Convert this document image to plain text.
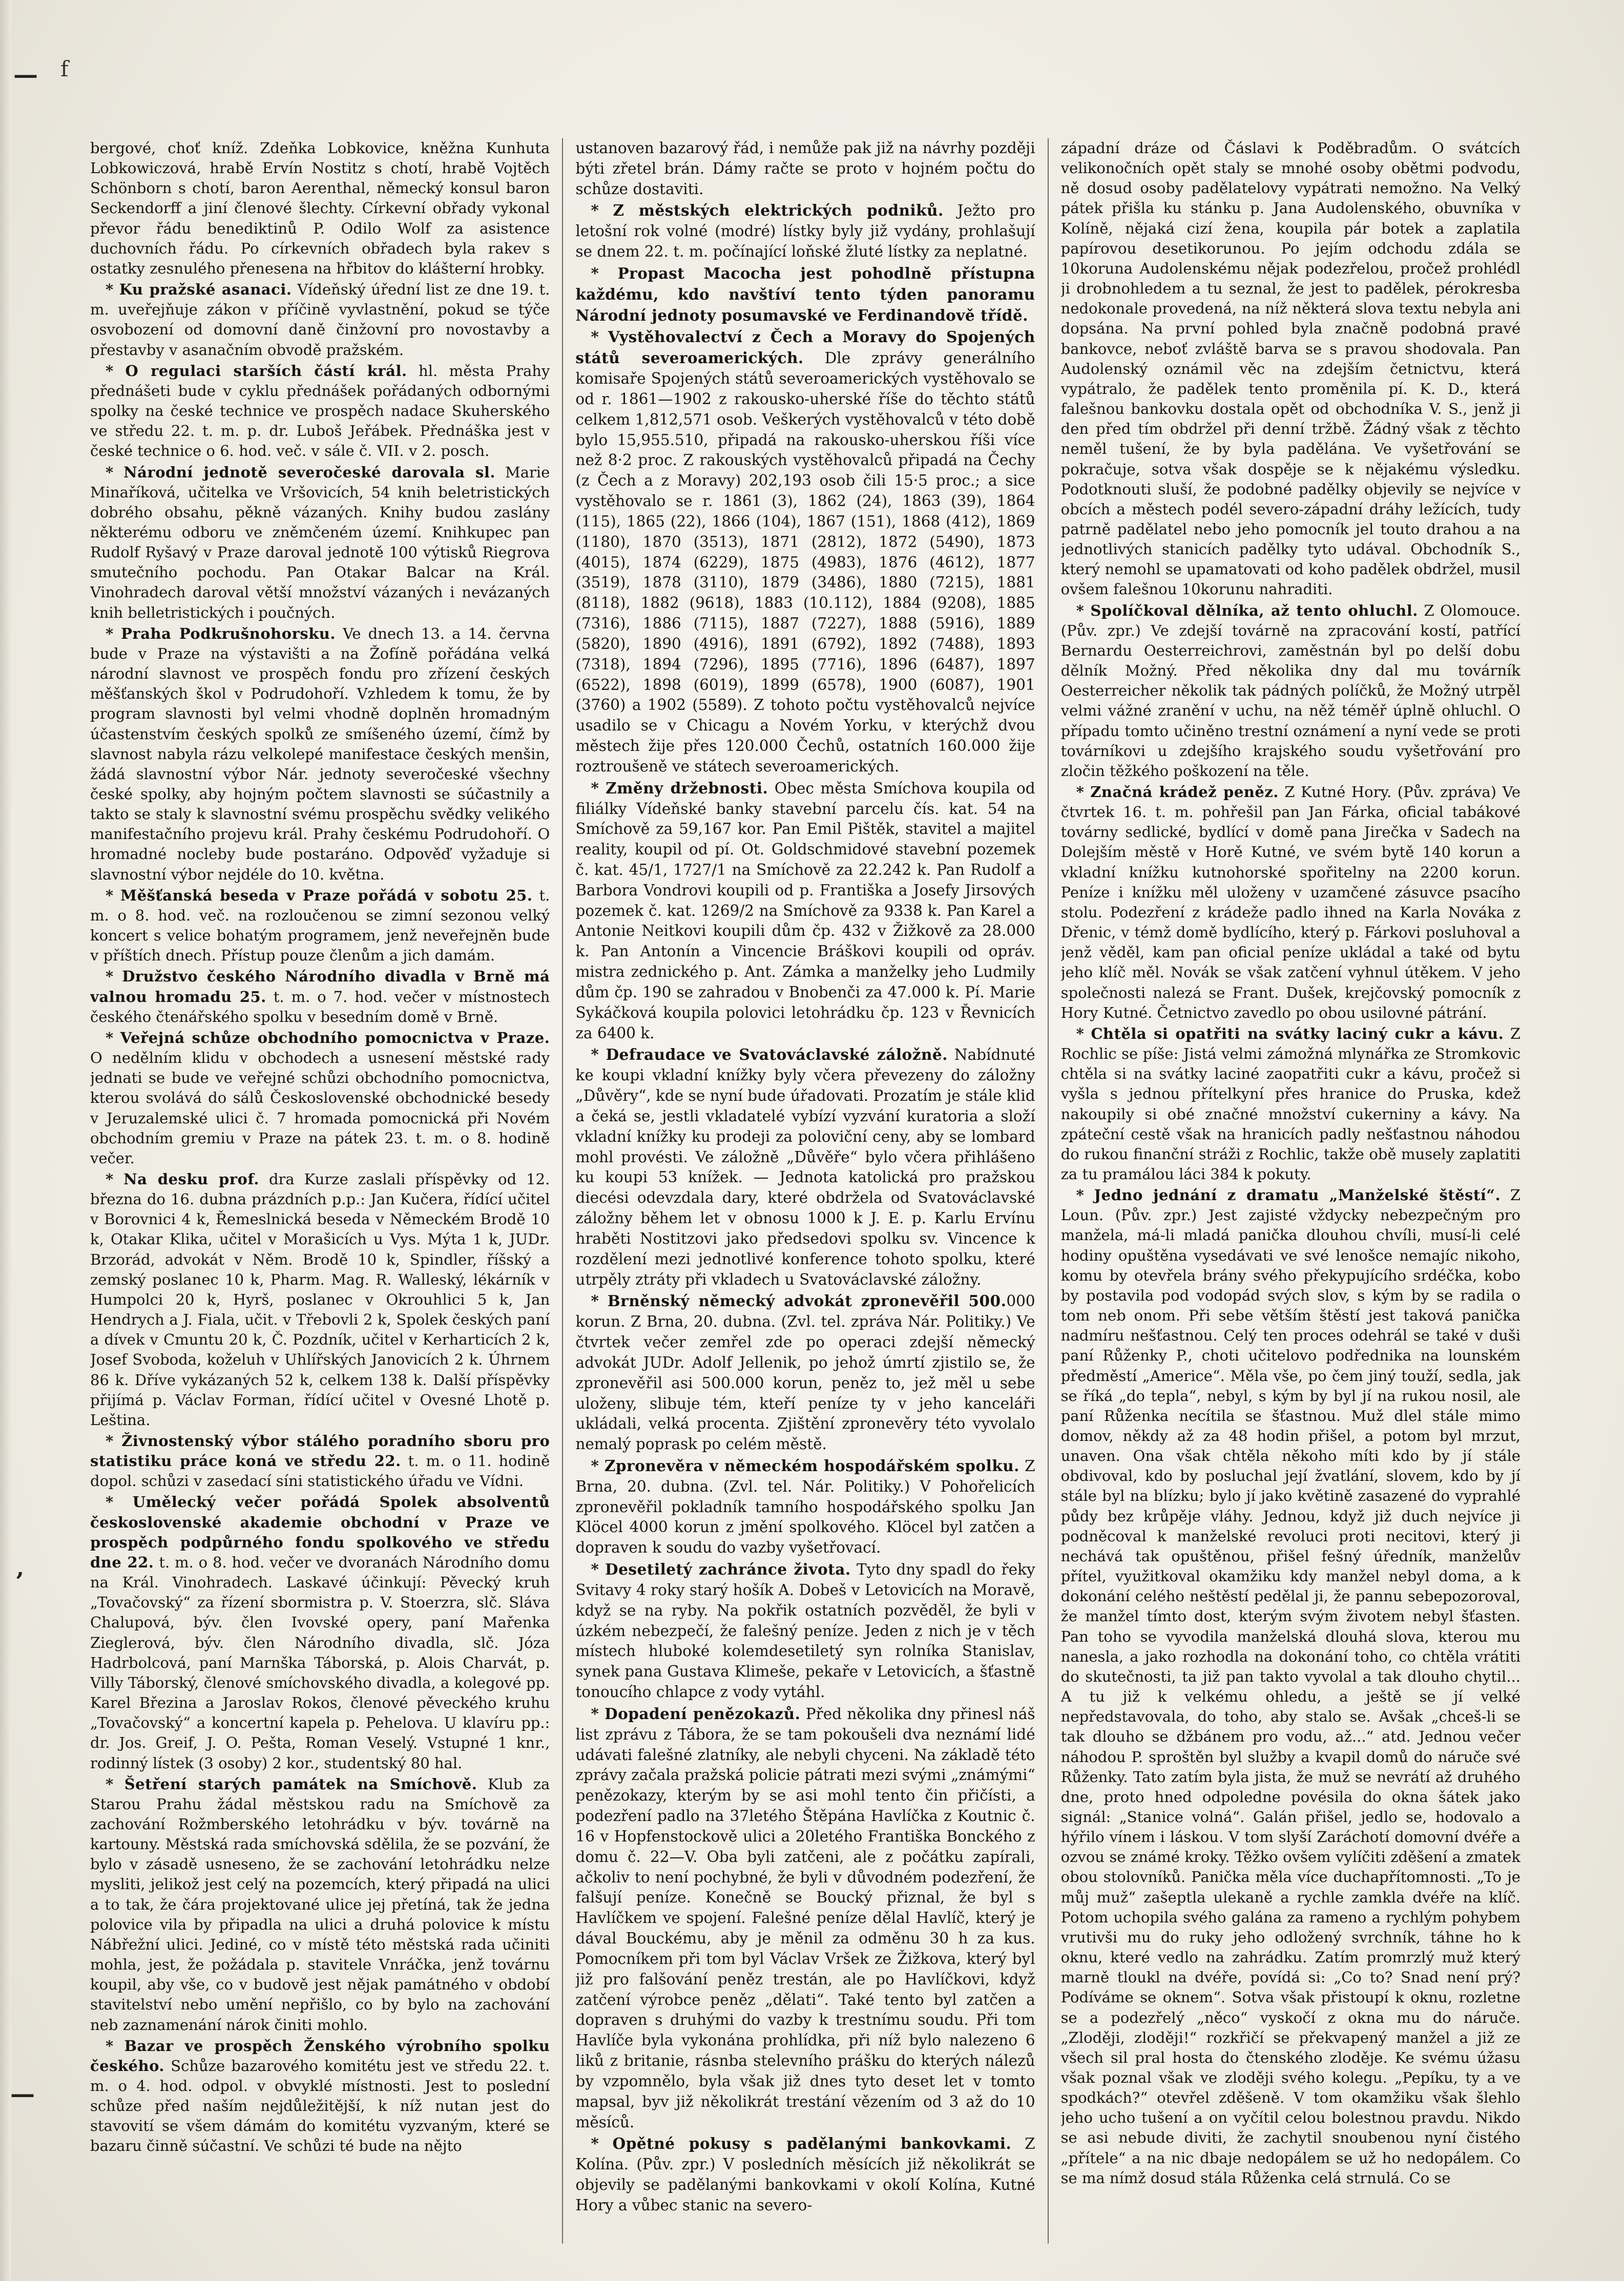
f
—
’
—

bergové, choť kníž. Zdeňka Lobkovice, kněžna Kunhuta Lobkowiczová, hrabě Ervín Nostitz s chotí, hrabě Vojtěch Schönborn s chotí, baron Aerenthal, německý konsul baron Seckendorff a jiní členové šlechty. Církevní obřady vykonal převor řádu benediktinů P. Odilo Wolf za asistence duchovních řádu. Po církevních obřadech byla rakev s ostatky zesnulého přenesena na hřbitov do klášterní hrobky.

* Ku pražské asanaci. Vídeňský úřední list ze dne 19. t. m. uveřejňuje zákon v příčině vyvlastnění, pokud se týče osvobození od domovní daně činžovní pro novostavby a přestavby v asanačním obvodě pražském.

* O regulaci starších částí král. hl. města Prahy přednášeti bude v cyklu přednášek pořádaných odbornými spolky na české technice ve prospěch nadace Skuherského ve středu 22. t. m. p. dr. Luboš Jeřábek. Přednáška jest v české technice o 6. hod. več. v sále č. VII. v 2. posch.

* Národní jednotě severočeské darovala sl. Marie Minaříková, učitelka ve Vršovicích, 54 knih beletristických dobrého obsahu, pěkně vázaných. Knihy budou zaslány některému odboru ve zněmčeném území. Knihkupec pan Rudolf Ryšavý v Praze daroval jednotě 100 výtisků Riegrova smutečního pochodu. Pan Otakar Balcar na Král. Vinohradech daroval větší množství vázaných i nevázaných knih belletristických i poučných.

* Praha Podkrušnohorsku. Ve dnech 13. a 14. června bude v Praze na výstavišti a na Žofíně pořádána velká národní slavnost ve prospěch fondu pro zřízení českých měšťanských škol v Podrudohoří. Vzhledem k tomu, že by program slavnosti byl velmi vhodně doplněn hromadným účastenstvím českých spolků ze smíšeného území, čímž by slavnost nabyla rázu velkolepé manifestace českých menšin, žádá slavnostní výbor Nár. jednoty severočeské všechny české spolky, aby hojným počtem slavnosti se súčastnily a takto se staly k slavnostní svému prospěchu svědky velikého manifestačního projevu král. Prahy českému Podrudohoří. O hromadné nocleby bude postaráno. Odpověď vyžaduje si slavnostní výbor nejdéle do 10. května.

* Měšťanská beseda v Praze pořádá v sobotu 25. t. m. o 8. hod. več. na rozloučenou se zimní sezonou velký koncert s velice bohatým programem, jenž neveřejněn bude v příštích dnech. Přístup pouze členům a jich damám.

* Družstvo českého Národního divadla v Brně má valnou hromadu 25. t. m. o 7. hod. večer v místnostech českého čtenářského spolku v besedním domě v Brně.

* Veřejná schůze obchodního pomocnictva v Praze. O nedělním klidu v obchodech a usnesení městské rady jednati se bude ve veřejné schůzi obchodního pomocnictva, kterou svolává do sálů Československé obchodnické besedy v Jeruzalemské ulici č. 7 hromada pomocnická při Novém obchodním gremiu v Praze na pátek 23. t. m. o 8. hodině večer.

* Na desku prof. dra Kurze zaslali příspěvky od 12. března do 16. dubna prázdních p.p.: Jan Kučera, řídící učitel v Borovnici 4 k, Řemeslnická beseda v Německém Brodě 10 k, Otakar Klika, učitel v Morašicích u Vys. Mýta 1 k, JUDr. Brzorád, advokát v Něm. Brodě 10 k, Spindler, říšský a zemský poslanec 10 k, Pharm. Mag. R. Walleský, lékárník v Humpolci 20 k, Hyrš, poslanec v Okrouhlici 5 k, Jan Hendrych a J. Fiala, učit. v Třebovli 2 k, Spolek českých paní a dívek v Cmuntu 20 k, Č. Pozdník, učitel v Kerharticích 2 k, Josef Svoboda, koželuh v Uhlířských Janovicích 2 k. Úhrnem 86 k. Dříve vykázaných 52 k, celkem 138 k. Další příspěvky přijímá p. Václav Forman, řídící učitel v Ovesné Lhotě p. Leština.

* Živnostenský výbor stálého poradního sboru pro statistiku práce koná ve středu 22. t. m. o 11. hodině dopol. schůzi v zasedací síni statistického úřadu ve Vídni.

* Umělecký večer pořádá Spolek absolventů československé akademie obchodní v Praze ve prospěch podpůrného fondu spolkového ve středu dne 22. t. m. o 8. hod. večer ve dvoranách Národního domu na Král. Vinohradech. Laskavé účinkují: Pěvecký kruh „Tovačovský“ za řízení sbormistra p. V. Stoerzra, slč. Sláva Chalupová, býv. člen Ivovské opery, paní Mařenka Zieglerová, býv. člen Národního divadla, slč. Józa Hadrbolcová, paní Marnška Táborská, p. Alois Charvát, p. Villy Táborský, členové smíchovského divadla, a kolegové pp. Karel Březina a Jaroslav Rokos, členové pěveckého kruhu „Tovačovský“ a koncertní kapela p. Pehelova. U klavíru pp.: dr. Jos. Greif, J. O. Pešta, Roman Veselý. Vstupné 1 knr., rodinný lístek (3 osoby) 2 kor., studentský 80 hal.

* Šetření starých památek na Smíchově. Klub za Starou Prahu žádal městskou radu na Smíchově za zachování Rožmberského letohrádku v býv. továrně na kartouny. Městská rada smíchovská sdělila, že se pozvání, že bylo v zásadě usneseno, že se zachování letohrádku nelze mysliti, jelikož jest celý na pozemcích, který připadá na ulici a to tak, že čára projektované ulice jej přetíná, tak že jedna polovice vila by připadla na ulici a druhá polovice k místu Nábřežní ulici. Jediné, co v místě této městská rada učiniti mohla, jest, že požádala p. stavitele Vnráčka, jenž továrnu koupil, aby vše, co v budově jest nějak památného v období stavitelství nebo umění nepřišlo, co by bylo na zachování neb zaznamenání nárok činiti mohlo.

* Bazar ve prospěch Ženského výrobního spolku českého. Schůze bazarového komitétu jest ve středu 22. t. m. o 4. hod. odpol. v obvyklé místnosti. Jest to poslední schůze před naším nejdůležitější, k níž nutan jest do stavovití se všem dámám do komitétu vyzvaným, které se bazaru činně súčastní. Ve schůzi té bude na nějto

ustanoven bazarový řád, i nemůže pak již na návrhy později býti zřetel brán. Dámy račte se proto v hojném počtu do schůze dostaviti.

* Z městských elektrických podniků. Ježto pro letošní rok volné (modré) lístky byly již vydány, prohlašují se dnem 22. t. m. počínající loňské žluté lístky za neplatné.

* Propast Macocha jest pohodlně přístupna každému, kdo navštíví tento týden panoramu Národní jednoty posumavské ve Ferdinandově třídě.

* Vystěhovalectví z Čech a Moravy do Spojených států severoamerických. Dle zprávy generálního komisaře Spojených států severoamerických vystěhovalo se od r. 1861—1902 z rakousko-uherské říše do těchto států celkem 1,812,571 osob. Veškerých vystěhovalců v této době bylo 15,955.510, připadá na rakousko-uherskou říši více než 8·2 proc. Z rakouských vystěhovalců připadá na Čechy (z Čech a z Moravy) 202,193 osob čili 15·5 proc.; a sice vystěhovalo se r. 1861 (3), 1862 (24), 1863 (39), 1864 (115), 1865 (22), 1866 (104), 1867 (151), 1868 (412), 1869 (1180), 1870 (3513), 1871 (2812), 1872 (5490), 1873 (4015), 1874 (6229), 1875 (4983), 1876 (4612), 1877 (3519), 1878 (3110), 1879 (3486), 1880 (7215), 1881 (8118), 1882 (9618), 1883 (10.112), 1884 (9208), 1885 (7316), 1886 (7115), 1887 (7227), 1888 (5916), 1889 (5820), 1890 (4916), 1891 (6792), 1892 (7488), 1893 (7318), 1894 (7296), 1895 (7716), 1896 (6487), 1897 (6522), 1898 (6019), 1899 (6578), 1900 (6087), 1901 (3760) a 1902 (5589). Z tohoto počtu vystěhovalců nejvíce usadilo se v Chicagu a Novém Yorku, v kterýchž dvou městech žije přes 120.000 Čechů, ostatních 160.000 žije roztroušeně ve státech severoamerických.

* Změny držebnosti. Obec města Smíchova koupila od filiálky Vídeňské banky stavební parcelu čís. kat. 54 na Smíchově za 59,167 kor. Pan Emil Pištěk, stavitel a majitel reality, koupil od pí. Ot. Goldschmidové stavební pozemek č. kat. 45/1, 1727/1 na Smíchově za 22.242 k. Pan Rudolf a Barbora Vondrovi koupili od p. Františka a Josefy Jirsových pozemek č. kat. 1269/2 na Smíchově za 9338 k. Pan Karel a Antonie Neitkovi koupili dům čp. 432 v Žižkově za 28.000 k. Pan Antonín a Vincencie Bráškovi koupili od opráv. mistra zednického p. Ant. Zámka a manželky jeho Ludmily dům čp. 190 se zahradou v Bnobenči za 47.000 k. Pí. Marie Sykáčková koupila polovici letohrádku čp. 123 v Řevnicích za 6400 k.

* Defraudace ve Svatováclavské záložně. Nabídnuté ke koupi vkladní knížky byly včera převezeny do záložny „Důvěry“, kde se nyní bude úřadovati. Prozatím je stále klid a čeká se, jestli vkladatelé vybízí vyzvání kuratoria a složí vkladní knížky ku prodeji za poloviční ceny, aby se lombard mohl provésti. Ve záložně „Důvěře“ bylo včera přihlášeno ku koupi 53 knížek. — Jednota katolická pro pražskou diecési odevzdala dary, které obdržela od Svatováclavské záložny během let v obnosu 1000 k J. E. p. Karlu Ervínu hraběti Nostitzovi jako předsedovi spolku sv. Vincence k rozdělení mezi jednotlivé konference tohoto spolku, které utrpěly ztráty při vkladech u Svatováclavské záložny.

* Brněnský německý advokát zpronevěřil 500.000 korun. Z Brna, 20. dubna. (Zvl. tel. zpráva Nár. Politiky.) Ve čtvrtek večer zemřel zde po operaci zdejší německý advokát JUDr. Adolf Jellenik, po jehož úmrtí zjistilo se, že zpronevěřil asi 500.000 korun, peněz to, jež měl u sebe uloženy, slibuje tém, kteří peníze ty v jeho kanceláři ukládali, velká procenta. Zjištění zpronevěry této vyvolalo nemalý poprask po celém městě.

* Zpronevěra v německém hospodářském spolku. Z Brna, 20. dubna. (Zvl. tel. Nár. Politiky.) V Pohořelicích zpronevěřil pokladník tamního hospodářského spolku Jan Klöcel 4000 korun z jmění spolkového. Klöcel byl zatčen a dopraven k soudu do vazby vyšetřovací.

* Desetiletý zachránce života. Tyto dny spadl do řeky Svitavy 4 roky starý hošík A. Dobeš v Letovicích na Moravě, když se na ryby. Na pokřik ostatních pozvěděl, že byli v úzkém nebezpečí, že falešný peníze. Jeden z nich je v těch místech hluboké kolemdesetiletý syn rolníka Stanislav, synek pana Gustava Klimeše, pekaře v Letovicích, a šťastně tonoucího chlapce z vody vytáhl.

* Dopadení penězokazů. Před několika dny přinesl náš list zprávu z Tábora, že se tam pokoušeli dva neznámí lidé udávati falešné zlatníky, ale nebyli chyceni. Na základě této zprávy začala pražská policie pátrati mezi svými „známými“ penězokazy, kterým by se asi mohl tento čin přičísti, a podezření padlo na 37letého Štěpána Havlíčka z Koutnic č. 16 v Hopfenstockově ulici a 20letého Františka Bonckého z domu č. 22—V. Oba byli zatčeni, ale z počátku zapírali, ačkoliv to není pochybné, že byli v důvodném podezření, že falšují peníze. Konečně se Boucký přiznal, že byl s Havlíčkem ve spojení. Falešné peníze dělal Havlíč, který je dával Bouckému, aby je měnil za odměnu 30 h za kus. Pomocníkem při tom byl Václav Vršek ze Žižkova, který byl již pro falšování peněz trestán, ale po Havlíčkovi, když zatčení výrobce peněz „dělati“. Také tento byl zatčen a dopraven s druhými do vazby k trestnímu soudu. Při tom Havlíče byla vykonána prohlídka, při níž bylo nalezeno 6 liků z britanie, rásnba stelevního prášku do kterých nálezů by vzpomnělo, byla však již dnes tyto deset let v tomto mapsal, byv již několikrát trestání vězením od 3 až do 10 měsíců.

* Opětné pokusy s padělanými bankovkami. Z Kolína. (Pův. zpr.) V posledních měsících již několikrát se objevily se padělanými bankovkami v okolí Kolína, Kutné Hory a vůbec stanic na severo-

západní dráze od Čáslavi k Poděbradům. O svátcích velikonočních opět staly se mnohé osoby obětmi podvodu, ně dosud osoby padělatelovy vypátrati nemožno. Na Velký pátek přišla ku stánku p. Jana Audolenského, obuvníka v Kolíně, nějaká cizí žena, koupila pár botek a zaplatila papírovou desetikorunou. Po jejím odchodu zdála se 10koruna Audolenskému nějak podezřelou, pročež prohlédl ji drobnohledem a tu seznal, že jest to padělek, pérokresba nedokonale provedená, na níž některá slova textu nebyla ani dopsána. Na první pohled byla značně podobná pravé bankovce, neboť zvláště barva se s pravou shodovala. Pan Audolenský oznámil věc na zdejším četnictvu, která vypátralo, že padělek tento proměnila pí. K. D., která falešnou bankovku dostala opět od obchodníka V. S., jenž ji den před tím obdržel při denní tržbě. Žádný však z těchto neměl tušení, že by byla padělána. Ve vyšetřování se pokračuje, sotva však dospěje se k nějakému výsledku. Podotknouti sluší, že podobné padělky objevily se nejvíce v obcích a městech podél severo-západní dráhy ležících, tudy patrně padělatel nebo jeho pomocník jel touto drahou a na jednotlivých stanicích padělky tyto udával. Obchodník S., který nemohl se upamatovati od koho padělek obdržel, musil ovšem falešnou 10korunu nahraditi.

* Spolíčkoval dělníka, až tento ohluchl. Z Olomouce. (Pův. zpr.) Ve zdejší továrně na zpracování kostí, patřící Bernardu Oesterreichrovi, zaměstnán byl po delší dobu dělník Možný. Před několika dny dal mu továrník Oesterreicher několik tak pádných políčků, že Možný utrpěl velmi vážné zranění v uchu, na něž téměř úplně ohluchl. O případu tomto učiněno trestní oznámení a nyní vede se proti továrníkovi u zdejšího krajského soudu vyšetřování pro zločin těžkého poškození na těle.

* Značná krádež peněz. Z Kutné Hory. (Pův. zpráva) Ve čtvrtek 16. t. m. pohřešil pan Jan Fárka, oficial tabákové továrny sedlické, bydlící v domě pana Jirečka v Sadech na Dolejším městě v Horě Kutné, ve svém bytě 140 korun a vkladní knížku kutnohorské spořitelny na 2200 korun. Peníze i knížku měl uloženy v uzamčené zásuvce psacího stolu. Podezření z krádeže padlo ihned na Karla Nováka z Dřenic, v témž domě bydlícího, který p. Fárkovi posluhoval a jenž věděl, kam pan oficial peníze ukládal a také od bytu jeho klíč měl. Novák se však zatčení vyhnul útěkem. V jeho společnosti nalezá se Frant. Dušek, krejčovský pomocník z Hory Kutné. Četnictvo zavedlo po obou usilovné pátrání.

* Chtěla si opatřiti na svátky laciný cukr a kávu. Z Rochlic se píše: Jistá velmi zámožná mlynářka ze Stromkovic chtěla si na svátky laciné zaopatřiti cukr a kávu, pročež si vyšla s jednou přítelkyní přes hranice do Pruska, kdež nakoupily si obé značné množství cukerniny a kávy. Na zpáteční cestě však na hranicích padly nešťastnou náhodou do rukou finanční stráži z Rochlic, takže obě musely zaplatiti za tu pramálou láci 384 k pokuty.

* Jedno jednání z dramatu „Manželské štěstí“. Z Loun. (Pův. zpr.) Jest zajisté vždycky nebezpečným pro manžela, má-li mladá panička dlouhou chvíli, musí-li celé hodiny opuštěna vysedávati ve své lenošce nemajíc nikoho, komu by otevřela brány svého překypujícího srdéčka, kobo by postavila pod vodopád svých slov, s kým by se radila o tom neb onom. Při sebe větším štěstí jest taková panička nadmíru nešťastnou. Celý ten proces odehrál se také v duši paní Růženky P., choti učitelovo podřednika na lounském předměstí „Americe“. Měla vše, po čem jiný touží, sedla, jak se říká „do tepla“, nebyl, s kým by byl jí na rukou nosil, ale paní Růženka necítila se šťastnou. Muž dlel stále mimo domov, někdy až za 48 hodin přišel, a potom byl mrzut, unaven. Ona však chtěla někoho míti kdo by jí stále obdivoval, kdo by posluchal její žvatlání, slovem, kdo by jí stále byl na blízku; bylo jí jako květině zasazené do vyprahlé půdy bez krůpěje vláhy. Jednou, když již duch nejvíce ji podněcoval k manželské revoluci proti necitovi, který ji nechává tak opuštěnou, přišel fešný úředník, manželův přítel, využitkoval okamžiku kdy manžel nebyl doma, a k dokonání celého neštěstí pedělal ji, že pannu sebepozoroval, že manžel tímto dost, kterým svým životem nebyl šťasten. Pan toho se vyvodila manželská dlouhá slova, kterou mu nanesla, a jako rozhodla na dokonání toho, co chtěla vrátiti do skutečnosti, ta již pan takto vyvolal a tak dlouho chytil... A tu již k velkému ohledu, a ještě se jí velké nepředstavovala, do toho, aby stalo se. Avšak „chceš-li se tak dlouho se džbánem pro vodu, až...“ atd. Jednou večer náhodou P. sproštěn byl služby a kvapil domů do náruče své Růženky. Tato zatím byla jista, že muž se nevrátí až druhého dne, proto hned odpoledne povésila do okna šátek jako signál: „Stanice volná“. Galán přišel, jedlo se, hodovalo a hýřilo vínem i láskou. V tom slyší Zaráchotí domovní dvéře a ozvou se známé kroky. Těžko ovšem vylíčiti zděšení a zmatek obou stolovníků. Panička měla více duchapřítomnosti. „To je můj muž“ zašeptla ulekaně a rychle zamkla dvéře na klíč. Potom uchopila svého galána za rameno a rychlým pohybem vrutivši mu do ruky jeho odložený svrchník, táhne ho k oknu, které vedlo na zahrádku. Zatím promrzlý muž který marně tloukl na dvéře, povídá si: „Co to? Snad není prý? Podíváme se oknem“. Sotva však přistoupí k oknu, rozletne se a podezřelý „něco“ vyskočí z okna mu do náruče. „Zloději, zloději!“ rozkřičí se překvapený manžel a již ze všech sil pral hosta do čtenského zloděje. Ke svému úžasu však poznal však ve zloději svého kolegu. „Pepíku, ty a ve spodkách?“ otevřel zděšeně. V tom okamžiku však šlehlo jeho ucho tušení a on vyčítil celou bolestnou pravdu. Nikdo se asi nebude diviti, že zachytil snoubenou nyní čistého „přítele“ a na nic dbaje nedopálem se už ho nedopálem. Co se ma nímž dosud stála Růženka celá strnulá. Co se
